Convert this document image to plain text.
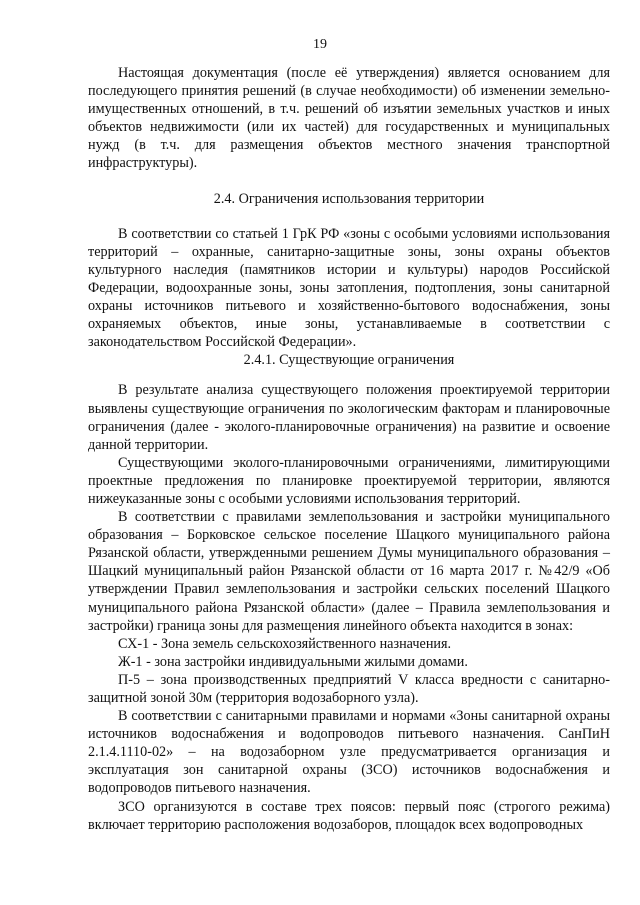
19

Настоящая документация (после её утверждения) является основанием для последующего принятия решений (в случае необходимости) об изменении земельно-имущественных отношений, в т.ч. решений об изъятии земельных участков и иных объектов недвижимости (или их частей) для государственных и муниципальных нужд (в т.ч. для размещения объектов местного значения транспортной инфраструктуры).

2.4. Ограничения использования территории

В соответствии со статьей 1 ГрК РФ «зоны с особыми условиями использования территорий – охранные, санитарно-защитные зоны, зоны охраны объектов культурного наследия (памятников истории и культуры) народов Российской Федерации, водоохранные зоны, зоны затопления, подтопления, зоны санитарной охраны источников питьевого и хозяйственно-бытового водоснабжения, зоны охраняемых объектов, иные зоны, устанавливаемые в соответствии с законодательством Российской Федерации».

2.4.1. Существующие ограничения

В результате анализа существующего положения проектируемой территории выявлены существующие ограничения по экологическим факторам и планировочные ограничения (далее - эколого-планировочные ограничения) на развитие и освоение данной территории.

Существующими эколого-планировочными ограничениями, лимитирующими проектные предложения по планировке проектируемой территории, являются нижеуказанные зоны с особыми условиями использования территорий.

В соответствии с правилами землепользования и застройки муниципального образования – Борковское сельское поселение Шацкого муниципального района Рязанской области, утвержденными решением Думы муниципального образования – Шацкий муниципальный район Рязанской области от 16 марта 2017 г. №42/9 «Об утверждении Правил землепользования и застройки сельских поселений Шацкого муниципального района Рязанской области» (далее – Правила землепользования и застройки) граница зоны для размещения линейного объекта находится в зонах:

СХ-1 - Зона земель сельскохозяйственного назначения.

Ж-1 - зона застройки индивидуальными жилыми домами.

П-5 – зона производственных предприятий V класса вредности с санитарно-защитной зоной 30м (территория водозаборного узла).

В соответствии с санитарными правилами и нормами «Зоны санитарной охраны источников водоснабжения и водопроводов питьевого назначения. СанПиН 2.1.4.1110-02» – на водозаборном узле предусматривается организация и эксплуатация зон санитарной охраны (ЗСО) источников водоснабжения и водопроводов питьевого назначения.

ЗСО организуются в составе трех поясов: первый пояс (строгого режима) включает территорию расположения водозаборов, площадок всех водопроводных
